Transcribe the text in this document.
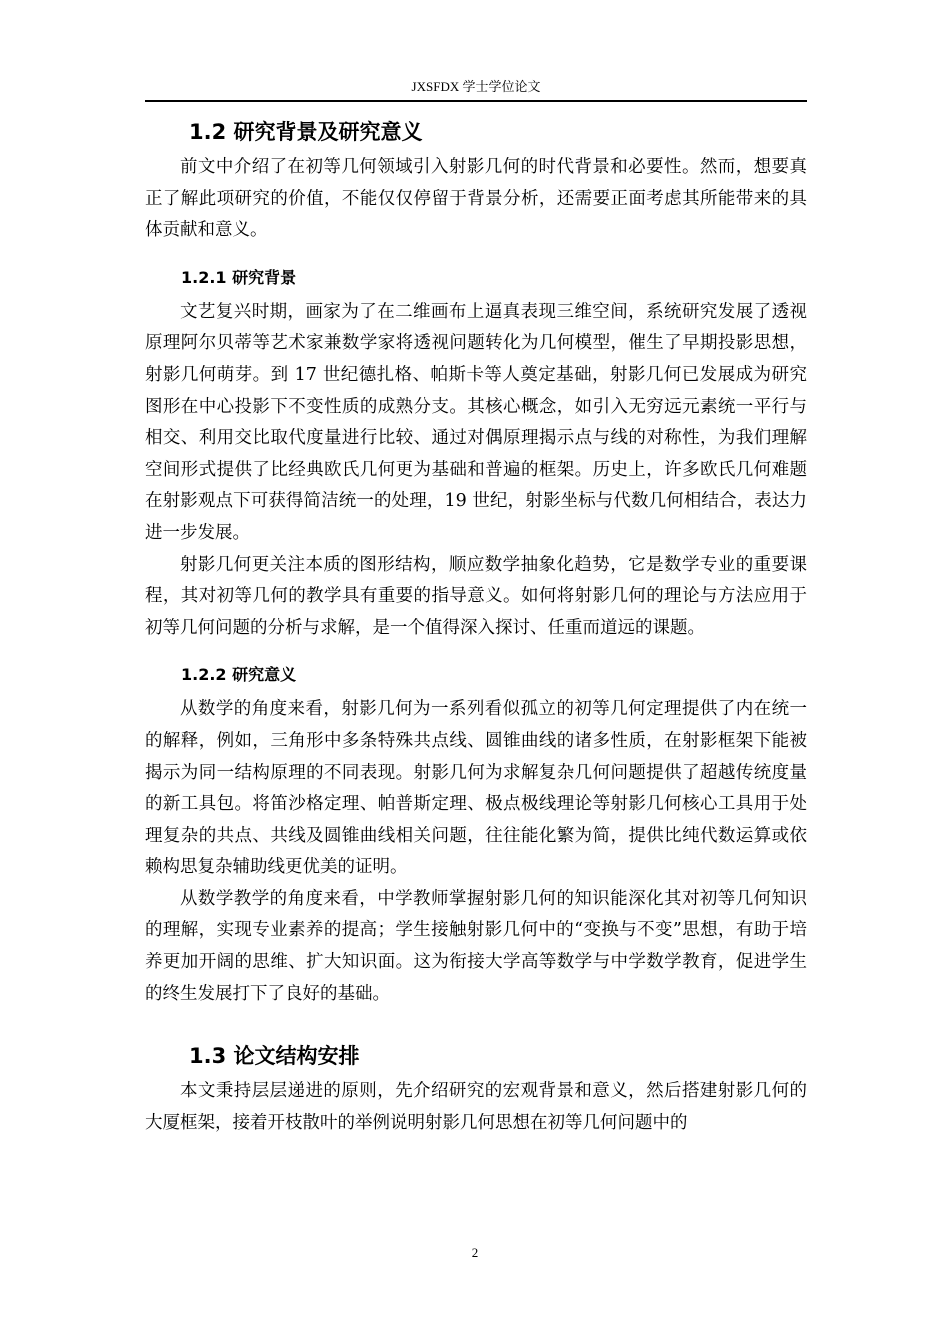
JXSFDX 学士学位论文
1.2 研究背景及研究意义

前文中介绍了在初等几何领域引入射影几何的时代背景和必要性。然而，想要真正了解此项研究的价值，不能仅仅停留于背景分析，还需要正面考虑其所能带来的具体贡献和意义。

1.2.1 研究背景

文艺复兴时期，画家为了在二维画布上逼真表现三维空间，系统研究发展了透视原理阿尔贝蒂等艺术家兼数学家将透视问题转化为几何模型，催生了早期投影思想，射影几何萌芽。到 17 世纪德扎格、帕斯卡等人奠定基础，射影几何已发展成为研究图形在中心投影下不变性质的成熟分支。其核心概念，如引入无穷远元素统一平行与相交、利用交比取代度量进行比较、通过对偶原理揭示点与线的对称性，为我们理解空间形式提供了比经典欧氏几何更为基础和普遍的框架。历史上，许多欧氏几何难题在射影观点下可获得简洁统一的处理，19 世纪，射影坐标与代数几何相结合，表达力进一步发展。

射影几何更关注本质的图形结构，顺应数学抽象化趋势，它是数学专业的重要课程，其对初等几何的教学具有重要的指导意义。如何将射影几何的理论与方法应用于初等几何问题的分析与求解，是一个值得深入探讨、任重而道远的课题。

1.2.2 研究意义

从数学的角度来看，射影几何为一系列看似孤立的初等几何定理提供了内在统一的解释，例如，三角形中多条特殊共点线、圆锥曲线的诸多性质，在射影框架下能被揭示为同一结构原理的不同表现。射影几何为求解复杂几何问题提供了超越传统度量的新工具包。将笛沙格定理、帕普斯定理、极点极线理论等射影几何核心工具用于处理复杂的共点、共线及圆锥曲线相关问题，往往能化繁为简，提供比纯代数运算或依赖构思复杂辅助线更优美的证明。

从数学教学的角度来看，中学教师掌握射影几何的知识能深化其对初等几何知识的理解，实现专业素养的提高；学生接触射影几何中的“变换与不变”思想，有助于培养更加开阔的思维、扩大知识面。这为衔接大学高等数学与中学数学教育，促进学生的终生发展打下了良好的基础。

1.3 论文结构安排

本文秉持层层递进的原则，先介绍研究的宏观背景和意义，然后搭建射影几何的大厦框架，接着开枝散叶的举例说明射影几何思想在初等几何问题中的

2
